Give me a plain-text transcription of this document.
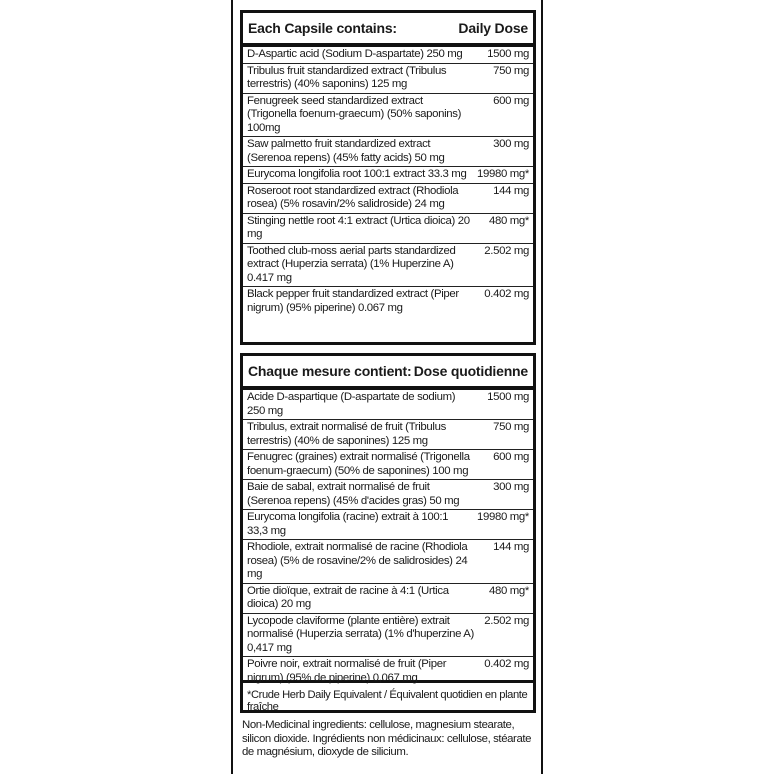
Each Capsile contains:	Daily Dose
D-Aspartic acid (Sodium D-aspartate) 250 mg	1500 mg
Tribulus fruit standardized extract (Tribulus terrestris) (40% saponins) 125 mg
750 mg
Fenugreek seed standardized extract (Trigonella foenum-graecum) (50% saponins) 100mg
600 mg
Saw palmetto fruit standardized extract (Serenoa repens) (45% fatty acids) 50 mg
300 mg
Eurycoma longifolia root 100:1 extract 33.3 mg 19980 mg*
Roseroot root standardized extract (Rhodiola rosea) (5% rosavin/2% salidroside) 24 mg
144 mg
Stinging nettle root 4:1 extract (Urtica dioica) 20 mg
480 mg*
Toothed club-moss aerial parts standardized extract (Huperzia serrata) (1% Huperzine A) 0.417 mg
2.502 mg
Black pepper fruit standardized extract (Piper nigrum) (95% piperine) 0.067 mg
0.402 mg
Chaque mesure contient: Dose quotidienne
Acide D-aspartique (D-aspartate de sodium) 250 mg
1500 mg
Tribulus, extrait normalisé de fruit (Tribulus terrestris) (40% de saponines) 125 mg
750 mg
Fenugrec (graines) extrait normalisé (Trigonella foenum-graecum) (50% de saponines) 100 mg
600 mg
Baie de sabal, extrait normalisé de fruit (Serenoa repens) (45% d'acides gras) 50 mg
300 mg
Eurycoma longifolia (racine) extrait à 100:1 33,3 mg
19980 mg*
Rhodiole, extrait normalisé de racine (Rhodiola rosea) (5% de rosavine/2% de salidrosides) 24 mg
144 mg
Ortie dioïque, extrait de racine à 4:1 (Urtica dioica) 20 mg
480 mg*
Lycopode claviforme (plante entière) extrait normalisé (Huperzia serrata) (1% d'huperzine A) 0,417 mg
2.502 mg
Poivre noir, extrait normalisé de fruit (Piper nigrum) (95% de piperine) 0,067 mg
0.402 mg
*Crude Herb Daily Equivalent / Équivalent quotidien en plante fraîche
Non-Medicinal ingredients: cellulose, magnesium stearate, silicon dioxide. Ingrédients non médicinaux: cellulose, stéarate de magnésium, dioxyde de silicium.
